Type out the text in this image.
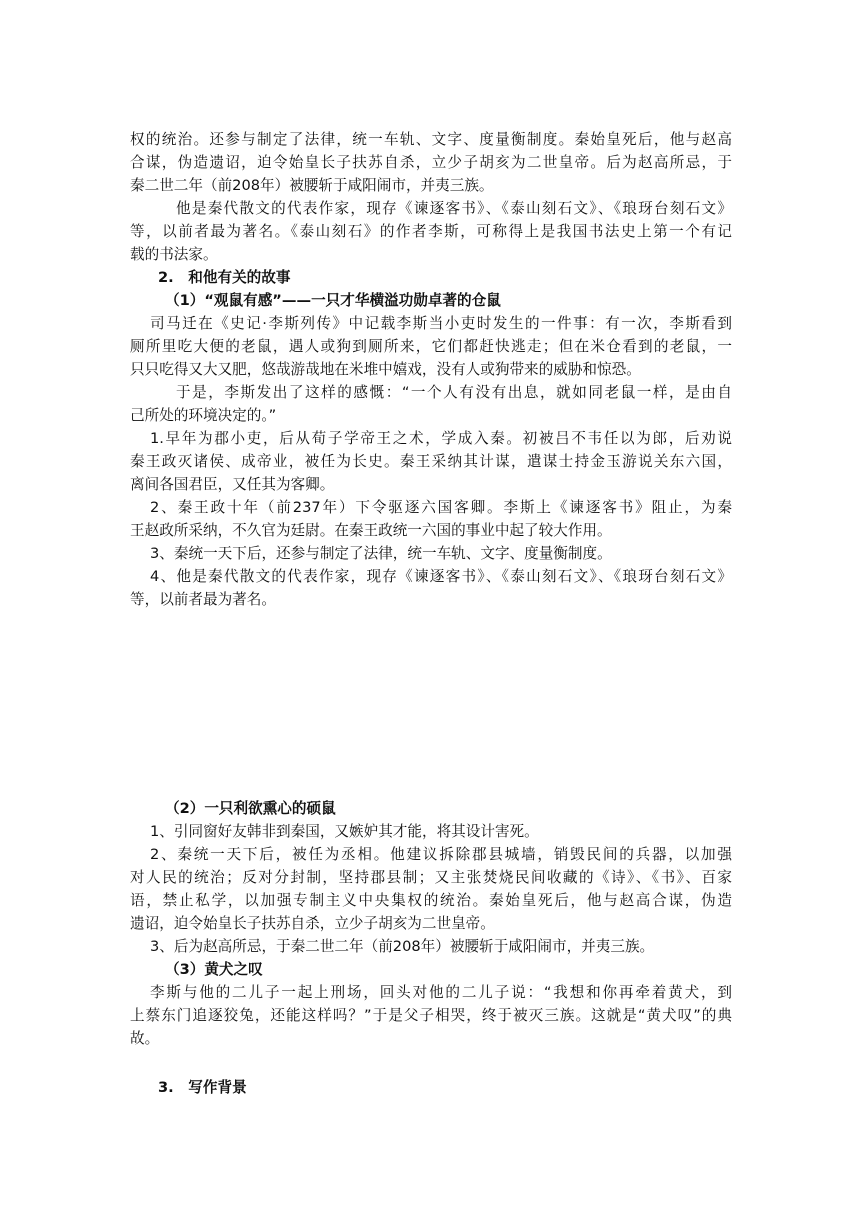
权的统治。还参与制定了法律，统一车轨、文字、度量衡制度。秦始皇死后，他与赵高
合谋，伪造遗诏，迫令始皇长子扶苏自杀，立少子胡亥为二世皇帝。后为赵高所忌，于
秦二世二年（前208年）被腰斩于咸阳闹市，并夷三族。
他是秦代散文的代表作家，现存《谏逐客书》、《泰山刻石文》、《琅玡台刻石文》
等，以前者最为著名。《泰山刻石》的作者李斯，可称得上是我国书法史上第一个有记
载的书法家。
2.　和他有关的故事
（1）“观鼠有感”——一只才华横溢功勋卓著的仓鼠
司马迁在《史记·李斯列传》中记载李斯当小吏时发生的一件事：有一次，李斯看到
厕所里吃大便的老鼠，遇人或狗到厕所来，它们都赶快逃走；但在米仓看到的老鼠，一
只只吃得又大又肥，悠哉游哉地在米堆中嬉戏，没有人或狗带来的威胁和惊恐。
于是，李斯发出了这样的感慨：“一个人有没有出息，就如同老鼠一样，是由自
己所处的环境决定的。”
1.早年为郡小吏，后从荀子学帝王之术，学成入秦。初被吕不韦任以为郎，后劝说
秦王政灭诸侯、成帝业，被任为长史。秦王采纳其计谋，遣谋士持金玉游说关东六国，
离间各国君臣，又任其为客卿。
2、秦王政十年（前237年）下令驱逐六国客卿。李斯上《谏逐客书》阻止，为秦
王赵政所采纳，不久官为廷尉。在秦王政统一六国的事业中起了较大作用。
3、秦统一天下后，还参与制定了法律，统一车轨、文字、度量衡制度。
4、他是秦代散文的代表作家，现存《谏逐客书》、《泰山刻石文》、《琅玡台刻石文》
等，以前者最为著名。
（2）一只利欲熏心的硕鼠
1、引同窗好友韩非到秦国，又嫉妒其才能，将其设计害死。
2、秦统一天下后，被任为丞相。他建议拆除郡县城墙，销毁民间的兵器，以加强
对人民的统治；反对分封制，坚持郡县制；又主张焚烧民间收藏的《诗》、《书》、百家
语，禁止私学，以加强专制主义中央集权的统治。秦始皇死后，他与赵高合谋，伪造
遗诏，迫令始皇长子扶苏自杀，立少子胡亥为二世皇帝。
3、后为赵高所忌，于秦二世二年（前208年）被腰斩于咸阳闹市，并夷三族。
（3）黄犬之叹
李斯与他的二儿子一起上刑场，回头对他的二儿子说：“我想和你再牵着黄犬，到
上蔡东门追逐狡兔，还能这样吗？”于是父子相哭，终于被灭三族。这就是“黄犬叹”的典
故。
3.　写作背景
